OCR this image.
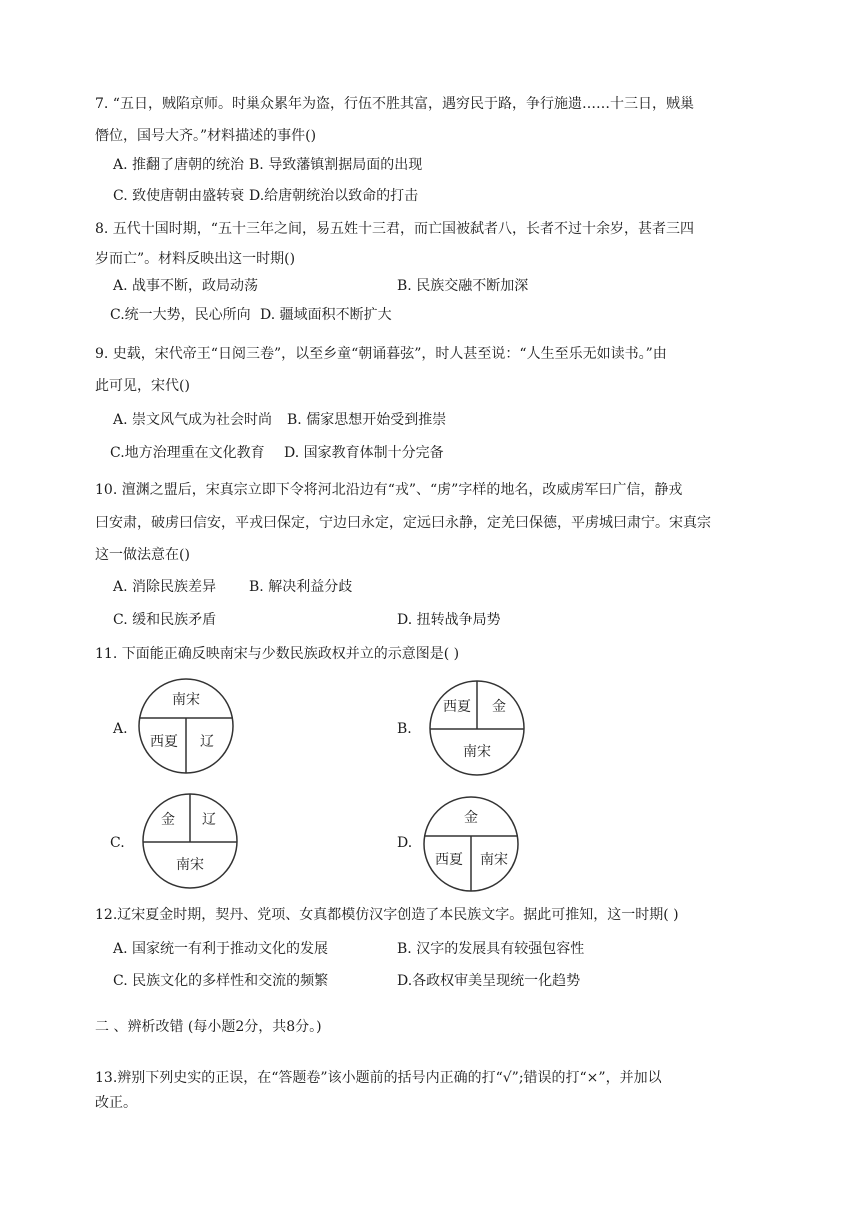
7. “五日，贼陷京师。时巢众累年为盗，行伍不胜其富，遇穷民于路，争行施遗……十三日，贼巢
僭位，国号大齐。”材料描述的事件()
A. 推翻了唐朝的统治 B. 导致藩镇割据局面的出现
C. 致使唐朝由盛转衰 D.给唐朝统治以致命的打击
8. 五代十国时期，“五十三年之间，易五姓十三君，而亡国被弑者八，长者不过十余岁，甚者三四
岁而亡”。材料反映出这一时期()
A. 战事不断，政局动荡	B. 民族交融不断加深
C.统一大势，民心所向 D. 疆域面积不断扩大
9. 史载，宋代帝王“日阅三卷”，以至乡童“朝诵暮弦”，时人甚至说：“人生至乐无如读书。”由
此可见，宋代()
A. 崇文风气成为社会时尚 B. 儒家思想开始受到推崇
C.地方治理重在文化教育 D. 国家教育体制十分完备
10. 澶渊之盟后，宋真宗立即下令将河北沿边有“戎”、“虏”字样的地名，改威虏军曰广信，静戎
曰安肃，破虏曰信安，平戎曰保定，宁边曰永定，定远曰永静，定羌曰保德，平虏城曰肃宁。宋真宗
这一做法意在()
A. 消除民族差异 B. 解决利益分歧
C. 缓和民族矛盾	D. 扭转战争局势
11. 下面能正确反映南宋与少数民族政权并立的示意图是( )
A.
南宋
西夏 辽
B.
西夏 金
南宋
C.
金 辽
南宋
D.
金
西夏 南宋
12.辽宋夏金时期，契丹、党项、女真都模仿汉字创造了本民族文字。据此可推知，这一时期( )
A. 国家统一有利于推动文化的发展	B. 汉字的发展具有较强包容性
C. 民族文化的多样性和交流的频繁	D.各政权审美呈现统一化趋势
二 、辨析改错 (每小题2分，共8分。)
13.辨别下列史实的正误，在“答题卷”该小题前的括号内正确的打“√”;错误的打“×”，并加以
改正。
